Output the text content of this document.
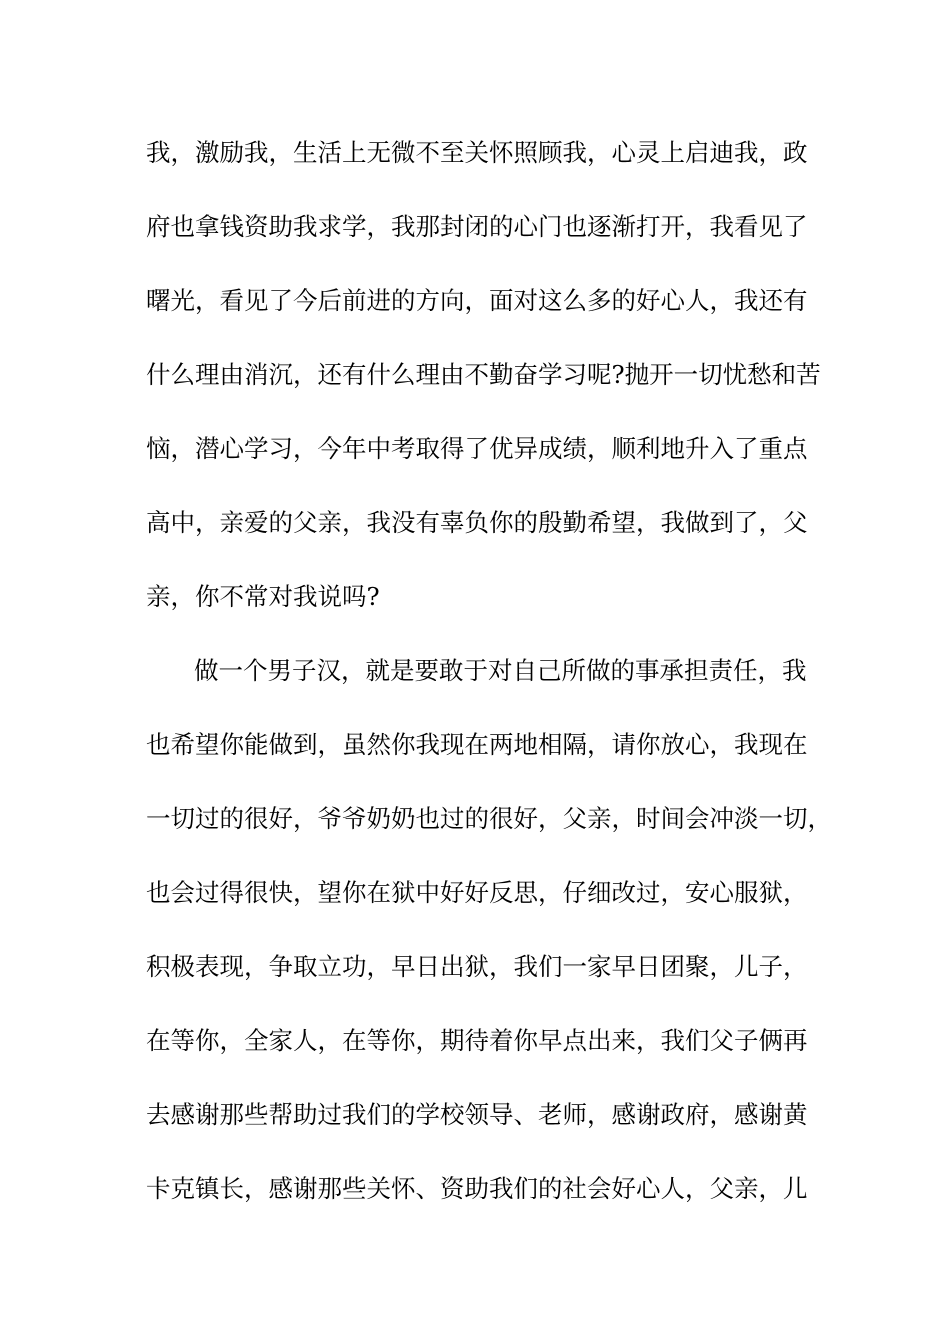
我，激励我，生活上无微不至关怀照顾我，心灵上启迪我，政
府也拿钱资助我求学，我那封闭的心门也逐渐打开，我看见了
曙光，看见了今后前进的方向，面对这么多的好心人，我还有
什么理由消沉，还有什么理由不勤奋学习呢?抛开一切忧愁和苦
恼，潜心学习，今年中考取得了优异成绩，顺利地升入了重点
高中，亲爱的父亲，我没有辜负你的殷勤希望，我做到了，父
亲，你不常对我说吗?
做一个男子汉，就是要敢于对自己所做的事承担责任，我
也希望你能做到，虽然你我现在两地相隔，请你放心，我现在
一切过的很好，爷爷奶奶也过的很好，父亲，时间会冲淡一切，
也会过得很快，望你在狱中好好反思，仔细改过，安心服狱，
积极表现，争取立功，早日出狱，我们一家早日团聚，儿子，
在等你，全家人，在等你，期待着你早点出来，我们父子俩再
去感谢那些帮助过我们的学校领导、老师，感谢政府，感谢黄
卡克镇长，感谢那些关怀、资助我们的社会好心人，父亲，儿
